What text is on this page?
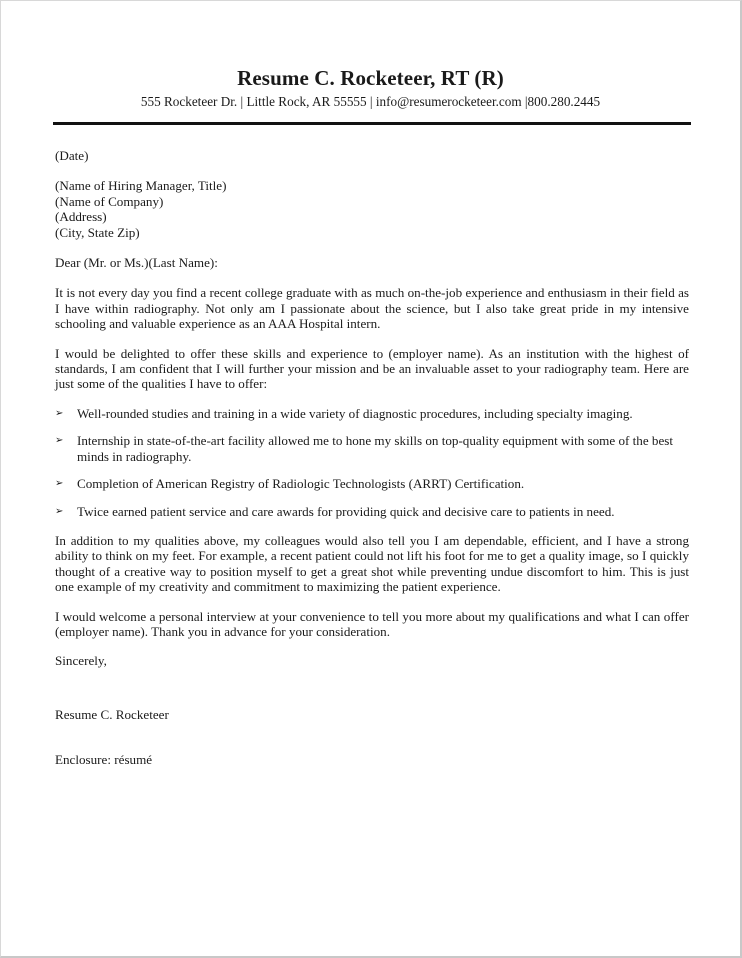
Resume C. Rocketeer, RT (R)
555 Rocketeer Dr. | Little Rock, AR 55555 | info@resumerocketeer.com |800.280.2445

(Date)

(Name of Hiring Manager, Title)

(Name of Company)

(Address)

(City, State Zip)

Dear (Mr. or Ms.)(Last Name):

It is not every day you find a recent college graduate with as much on-the-job experience and enthusiasm in their field as I have within radiography. Not only am I passionate about the science, but I also take great pride in my intensive schooling and valuable experience as an AAA Hospital intern.

I would be delighted to offer these skills and experience to (employer name). As an institution with the highest of standards, I am confident that I will further your mission and be an invaluable asset to your radiography team. Here are just some of the qualities I have to offer:

➢ Well-rounded studies and training in a wide variety of diagnostic procedures, including specialty imaging.
➢ Internship in state-of-the-art facility allowed me to hone my skills on top-quality equipment with some of the best minds in radiography.
➢ Completion of American Registry of Radiologic Technologists (ARRT) Certification.
➢ Twice earned patient service and care awards for providing quick and decisive care to patients in need.

In addition to my qualities above, my colleagues would also tell you I am dependable, efficient, and I have a strong ability to think on my feet. For example, a recent patient could not lift his foot for me to get a quality image, so I quickly thought of a creative way to position myself to get a great shot while preventing undue discomfort to him. This is just one example of my creativity and commitment to maximizing the patient experience.

I would welcome a personal interview at your convenience to tell you more about my qualifications and what I can offer (employer name). Thank you in advance for your consideration.

Sincerely,

Resume C. Rocketeer

Enclosure: résumé
